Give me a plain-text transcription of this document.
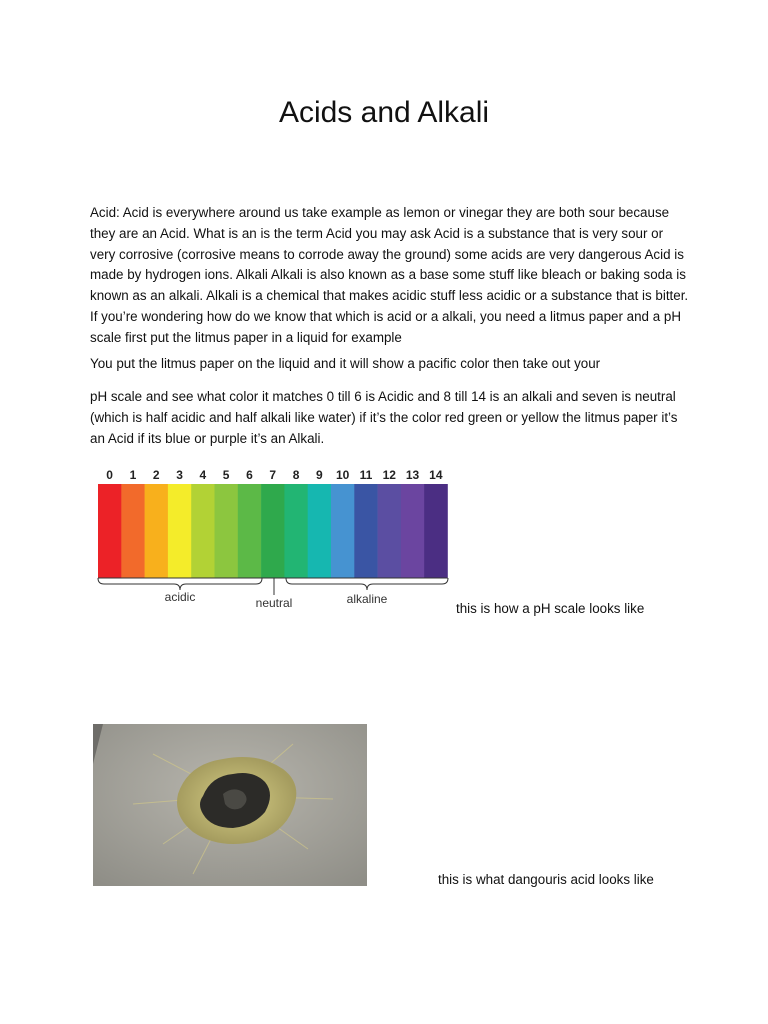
Acids and Alkali

Acid: Acid is everywhere around us take example as lemon or vinegar they are both sour because they are an Acid. What is an is the term Acid you may ask Acid is a substance that is very sour or very corrosive (corrosive means to corrode away the ground) some acids are very dangerous Acid is made by hydrogen ions. Alkali Alkali is also known as a base some stuff like bleach or baking soda is known as an alkali. Alkali is a chemical that makes acidic stuff less acidic or a substance that is bitter. If you’re wondering how do we know that which is acid or a alkali, you need a litmus paper and a pH scale first put the litmus paper in a liquid for example

You put the litmus paper on the liquid and it will show a pacific color then take out your

pH scale and see what color it matches 0 till 6 is Acidic and 8 till 14 is an alkali and seven is neutral (which is half acidic and half alkali like water) if it’s the color red green or yellow the litmus paper it’s an Acid if its blue or purple it’s an Alkali.

0 1 2 3 4 5 6 7 8 9 10 11 12 13 14
acidic	neutral	alkaline
this is how a pH scale looks like
this is what dangouris acid looks like
